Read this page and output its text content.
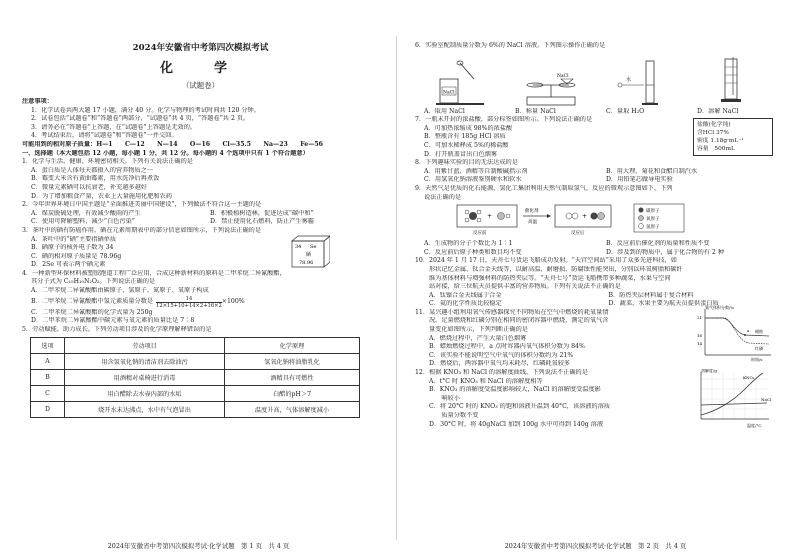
2024年安徽省中考第四次模拟考试
化　学
（试题卷）
注意事项：
1．化学试卷共两大题 17 小题，满分 40 分。化学与物理的考试时间共 120 分钟。
2．试卷包括“试题卷”和“答题卷”两部分，“试题卷”共 4 页，“答题卷”共 2 页。
3．请务必在“答题卷”上答题，在“试题卷”上答题是无效的。
4．考试结束后，请将“试题卷”和“答题卷”一并交回。
可能用到的相对原子质量：H—1　　C—12　　N—14　　O—16　　Cl—35.5　　Na—23　　Fe—56
一、选择题（本大题包括 12 小题，每小题 1 分，共 12 分。每小题的 4 个选项中只有 1 个符合题意）
1．化学与生活、健康、环境密切相关。下列有关说法正确的是
A．蛋白质是人体每天都摄入的营养物质之一
B．霉变大米含有黄曲霉素，用水洗净后再煮饭
C．微量元素硒可以抗衰老，补充越多越好
D．为了增加粮食产量，农业上大量施用化肥和农药
2．今年世界环境日中国主题是“全面推进美丽中国建设”，下列做法不符合这一主题的是
A．煤炭脱硫处理，有效减少酸雨的产生	B．积极植树造林，促进达成“碳中和”
C．使用可降解塑料，减少“白色污染”	D．禁止使用化石燃料，防止产生雾霾
3．茶叶中的硒有防癌作用。硒在元素周期表中的部分信息如图所示，下列说法正确的是
A．茶叶中的“硒”主要指硒单质
B．硒原子的核外电子数为 34
C．硒的相对原子质量是 78.96g
D．2Se 可表示两个硒元素
34 Se
硒
78.96
4．一种新型环保材料被塑胶跑道工程广泛应用，合成这种新材料的原料是二甲苯烷二异氰酸酯，
其分子式为 C₁₅H₁₀N₂O₂。下列说法正确的是
A．二甲苯烷二异氰酸酯由碳原子、氢原子、氮原子、氧原子构成
B．二甲苯烷二异氰酸酯中氢元素质量分数是 $\frac{14}{12\times 15+10+14\times 2+16\times 2} \times 100\%$
C．二甲苯烷二异氰酸酯的化学式量为 250g
D．二甲苯烷二异氰酸酯中碳元素与氧元素的质量比是 7∶8
5．劳动赋能，助力成长。下列劳动项目涉及的化学原理解释错误的是
选项	劳动项目	化学原理
A	用含氢氧化钠的清洁剂去除油污	氢氧化钠将油脂乳化
B	用酒精对桌椅进行消毒	酒精具有可燃性
C	用白醋除去水壶内部的水垢	白醋的pH＞7
D	烧开水未达沸点，水中有气泡冒出	温度升高，气体溶解度减小
2024年安徽省中考第四次模拟考试·化学试题　第 1 页　共 4 页
6．实验室配制质量分数为 6%的 NaCl 溶液。下列图示操作正确的是
NaCl
NaCl
水
A．取用 NaCl	B．称量 NaCl	C．量取 H₂O	D．溶解 NaCl
7．一瓶未开封的浓盐酸，部分标签如图所示。下列说法正确的是
A．可加热浓缩成 98%的浓盐酸
B．整瓶含有 185g HCl 溶质
C．可加水稀释成 5%的稀盐酸
D．打开瓶盖冒出白色烟雾
盐酸(化学纯)
含HCl 37%
密度 1.18g·mL⁻¹
容量　500mL
8．下列趣味实验的目的无法达成的是
A．用紫甘蓝、酒精等自制酸碱指示剂	B．用大理、菊花和食醋自制汽水
C．用氢氧化钠溶液鉴别硬水和软水	D．用铅笔芯做导电实验
9．天然气是优质的化石能源，氢化工集团利用天然气制取氢气，反应的微观示意图如下，下列
说法正确的是
+
催化剂
高温
+
反应前	反应后
碳原子
氧原子
氢原子
A．生成物的分子个数比为 1∶1	B．反应前后催化剂的质量和性质不变
C．反应前后原子种类和数目均不变	D．涉及到的物质中，属于化合物的有 2 种
10．2024 年 1 月 17 日，天舟七号货运飞船成功发射。“天宫空间站”采用了众多先进科技，如
形状记忆金属、钛合金天线等，以耐高温、耐磨损、防腐蚀性能突出，分别以环氧树脂和碳纤
维为基体材料与增强材料的防热夹层等。“天舟七号”货运飞船携带多种蔬菜，水果与空间
站对接，给三位航天员提供丰富的营养物质。下列有关说法不正确的是
A．钛镍合金天线属于合金	B．防热夹层材料属于复合材料
C．氦的化学性质比较稳定	D．蔬菜、水果主要为航天员提供蛋白质
11．某兴趣小组利用氧气传感器探究不同物质在空气中燃烧的耗氧量情
况。足量燃烧和红磷分别在相同的密闭容器中燃烧，测定的氧气含
量变化如图所示，下列判断正确的是
A．燃烧过程中，产生大量白色烟雾
B．蜡烛燃烧过程中，a 点时容器内氧气体积分数为 84%
C．该实验不能说明空气中氧气的体积分数约为 21%
D．燃烧后，两容器中氧气均未耗尽，红磷耗氧较多
氧气体积分数/%
21
16
14
a 蜡烛
红磷
时间/s
12．根据 KNO₃ 和 NaCl 的溶解度曲线，下列说法不正确的是
A．t°C 时 KNO₃ 和 NaCl 的溶解度相等
B．KNO₃ 的溶解度受温度影响较大，NaCl 的溶解度受温度影
　　响较小
C．将 20°C 时的 KNO₃ 的饱和溶液升温到 40°C，该溶液的溶质
　　质量分数不变
D．30°C 时，将 40gNaCl 加到 100g 水中可得到 140g 溶液
溶解度/g
温度/°C
KNO₃
NaCl
2024年安徽省中考第四次模拟考试·化学试题　第 2 页　共 4 页
